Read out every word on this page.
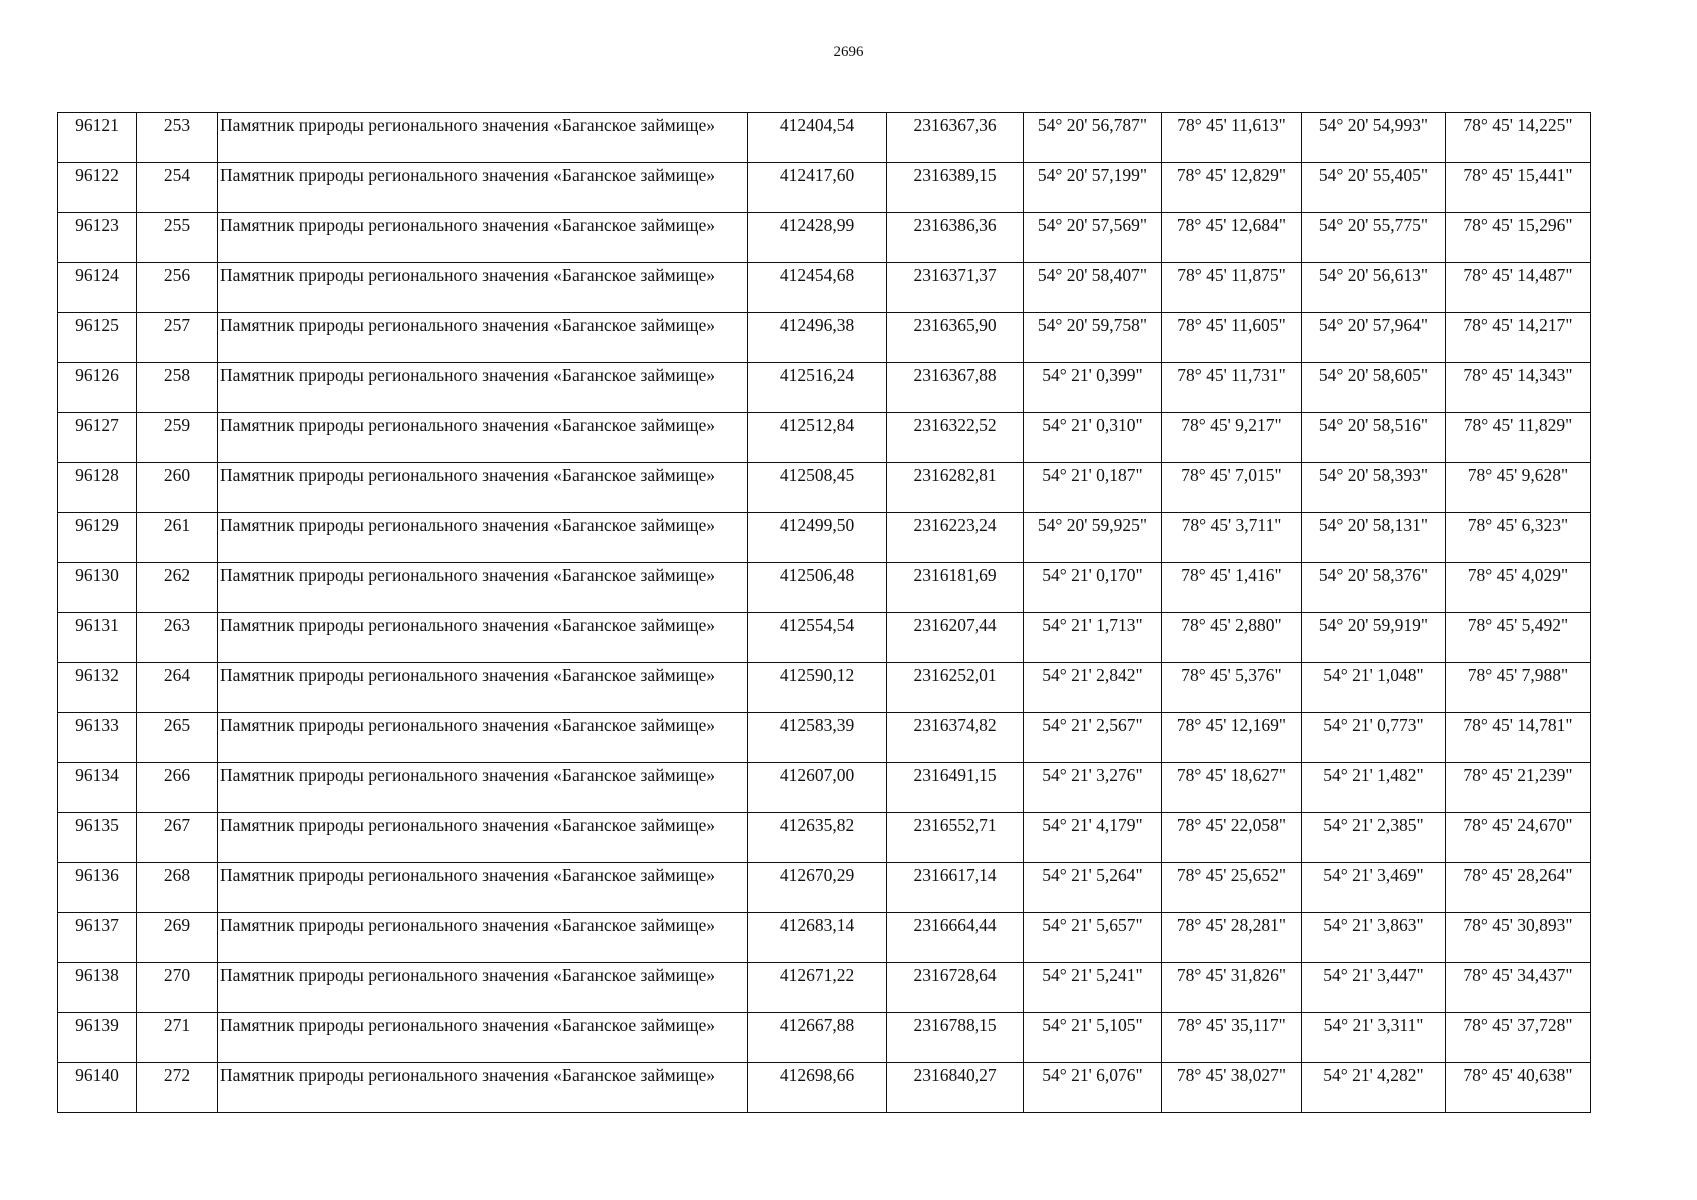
2696
96121	253	Памятник природы регионального значения «Баганское займище»	412404,54	2316367,36	54° 20' 56,787"	78° 45' 11,613"	54° 20' 54,993"	78° 45' 14,225"
96122	254	Памятник природы регионального значения «Баганское займище»	412417,60	2316389,15	54° 20' 57,199"	78° 45' 12,829"	54° 20' 55,405"	78° 45' 15,441"
96123	255	Памятник природы регионального значения «Баганское займище»	412428,99	2316386,36	54° 20' 57,569"	78° 45' 12,684"	54° 20' 55,775"	78° 45' 15,296"
96124	256	Памятник природы регионального значения «Баганское займище»	412454,68	2316371,37	54° 20' 58,407"	78° 45' 11,875"	54° 20' 56,613"	78° 45' 14,487"
96125	257	Памятник природы регионального значения «Баганское займище»	412496,38	2316365,90	54° 20' 59,758"	78° 45' 11,605"	54° 20' 57,964"	78° 45' 14,217"
96126	258	Памятник природы регионального значения «Баганское займище»	412516,24	2316367,88	54° 21' 0,399"	78° 45' 11,731"	54° 20' 58,605"	78° 45' 14,343"
96127	259	Памятник природы регионального значения «Баганское займище»	412512,84	2316322,52	54° 21' 0,310"	78° 45' 9,217"	54° 20' 58,516"	78° 45' 11,829"
96128	260	Памятник природы регионального значения «Баганское займище»	412508,45	2316282,81	54° 21' 0,187"	78° 45' 7,015"	54° 20' 58,393"	78° 45' 9,628"
96129	261	Памятник природы регионального значения «Баганское займище»	412499,50	2316223,24	54° 20' 59,925"	78° 45' 3,711"	54° 20' 58,131"	78° 45' 6,323"
96130	262	Памятник природы регионального значения «Баганское займище»	412506,48	2316181,69	54° 21' 0,170"	78° 45' 1,416"	54° 20' 58,376"	78° 45' 4,029"
96131	263	Памятник природы регионального значения «Баганское займище»	412554,54	2316207,44	54° 21' 1,713"	78° 45' 2,880"	54° 20' 59,919"	78° 45' 5,492"
96132	264	Памятник природы регионального значения «Баганское займище»	412590,12	2316252,01	54° 21' 2,842"	78° 45' 5,376"	54° 21' 1,048"	78° 45' 7,988"
96133	265	Памятник природы регионального значения «Баганское займище»	412583,39	2316374,82	54° 21' 2,567"	78° 45' 12,169"	54° 21' 0,773"	78° 45' 14,781"
96134	266	Памятник природы регионального значения «Баганское займище»	412607,00	2316491,15	54° 21' 3,276"	78° 45' 18,627"	54° 21' 1,482"	78° 45' 21,239"
96135	267	Памятник природы регионального значения «Баганское займище»	412635,82	2316552,71	54° 21' 4,179"	78° 45' 22,058"	54° 21' 2,385"	78° 45' 24,670"
96136	268	Памятник природы регионального значения «Баганское займище»	412670,29	2316617,14	54° 21' 5,264"	78° 45' 25,652"	54° 21' 3,469"	78° 45' 28,264"
96137	269	Памятник природы регионального значения «Баганское займище»	412683,14	2316664,44	54° 21' 5,657"	78° 45' 28,281"	54° 21' 3,863"	78° 45' 30,893"
96138	270	Памятник природы регионального значения «Баганское займище»	412671,22	2316728,64	54° 21' 5,241"	78° 45' 31,826"	54° 21' 3,447"	78° 45' 34,437"
96139	271	Памятник природы регионального значения «Баганское займище»	412667,88	2316788,15	54° 21' 5,105"	78° 45' 35,117"	54° 21' 3,311"	78° 45' 37,728"
96140	272	Памятник природы регионального значения «Баганское займище»	412698,66	2316840,27	54° 21' 6,076"	78° 45' 38,027"	54° 21' 4,282"	78° 45' 40,638"
